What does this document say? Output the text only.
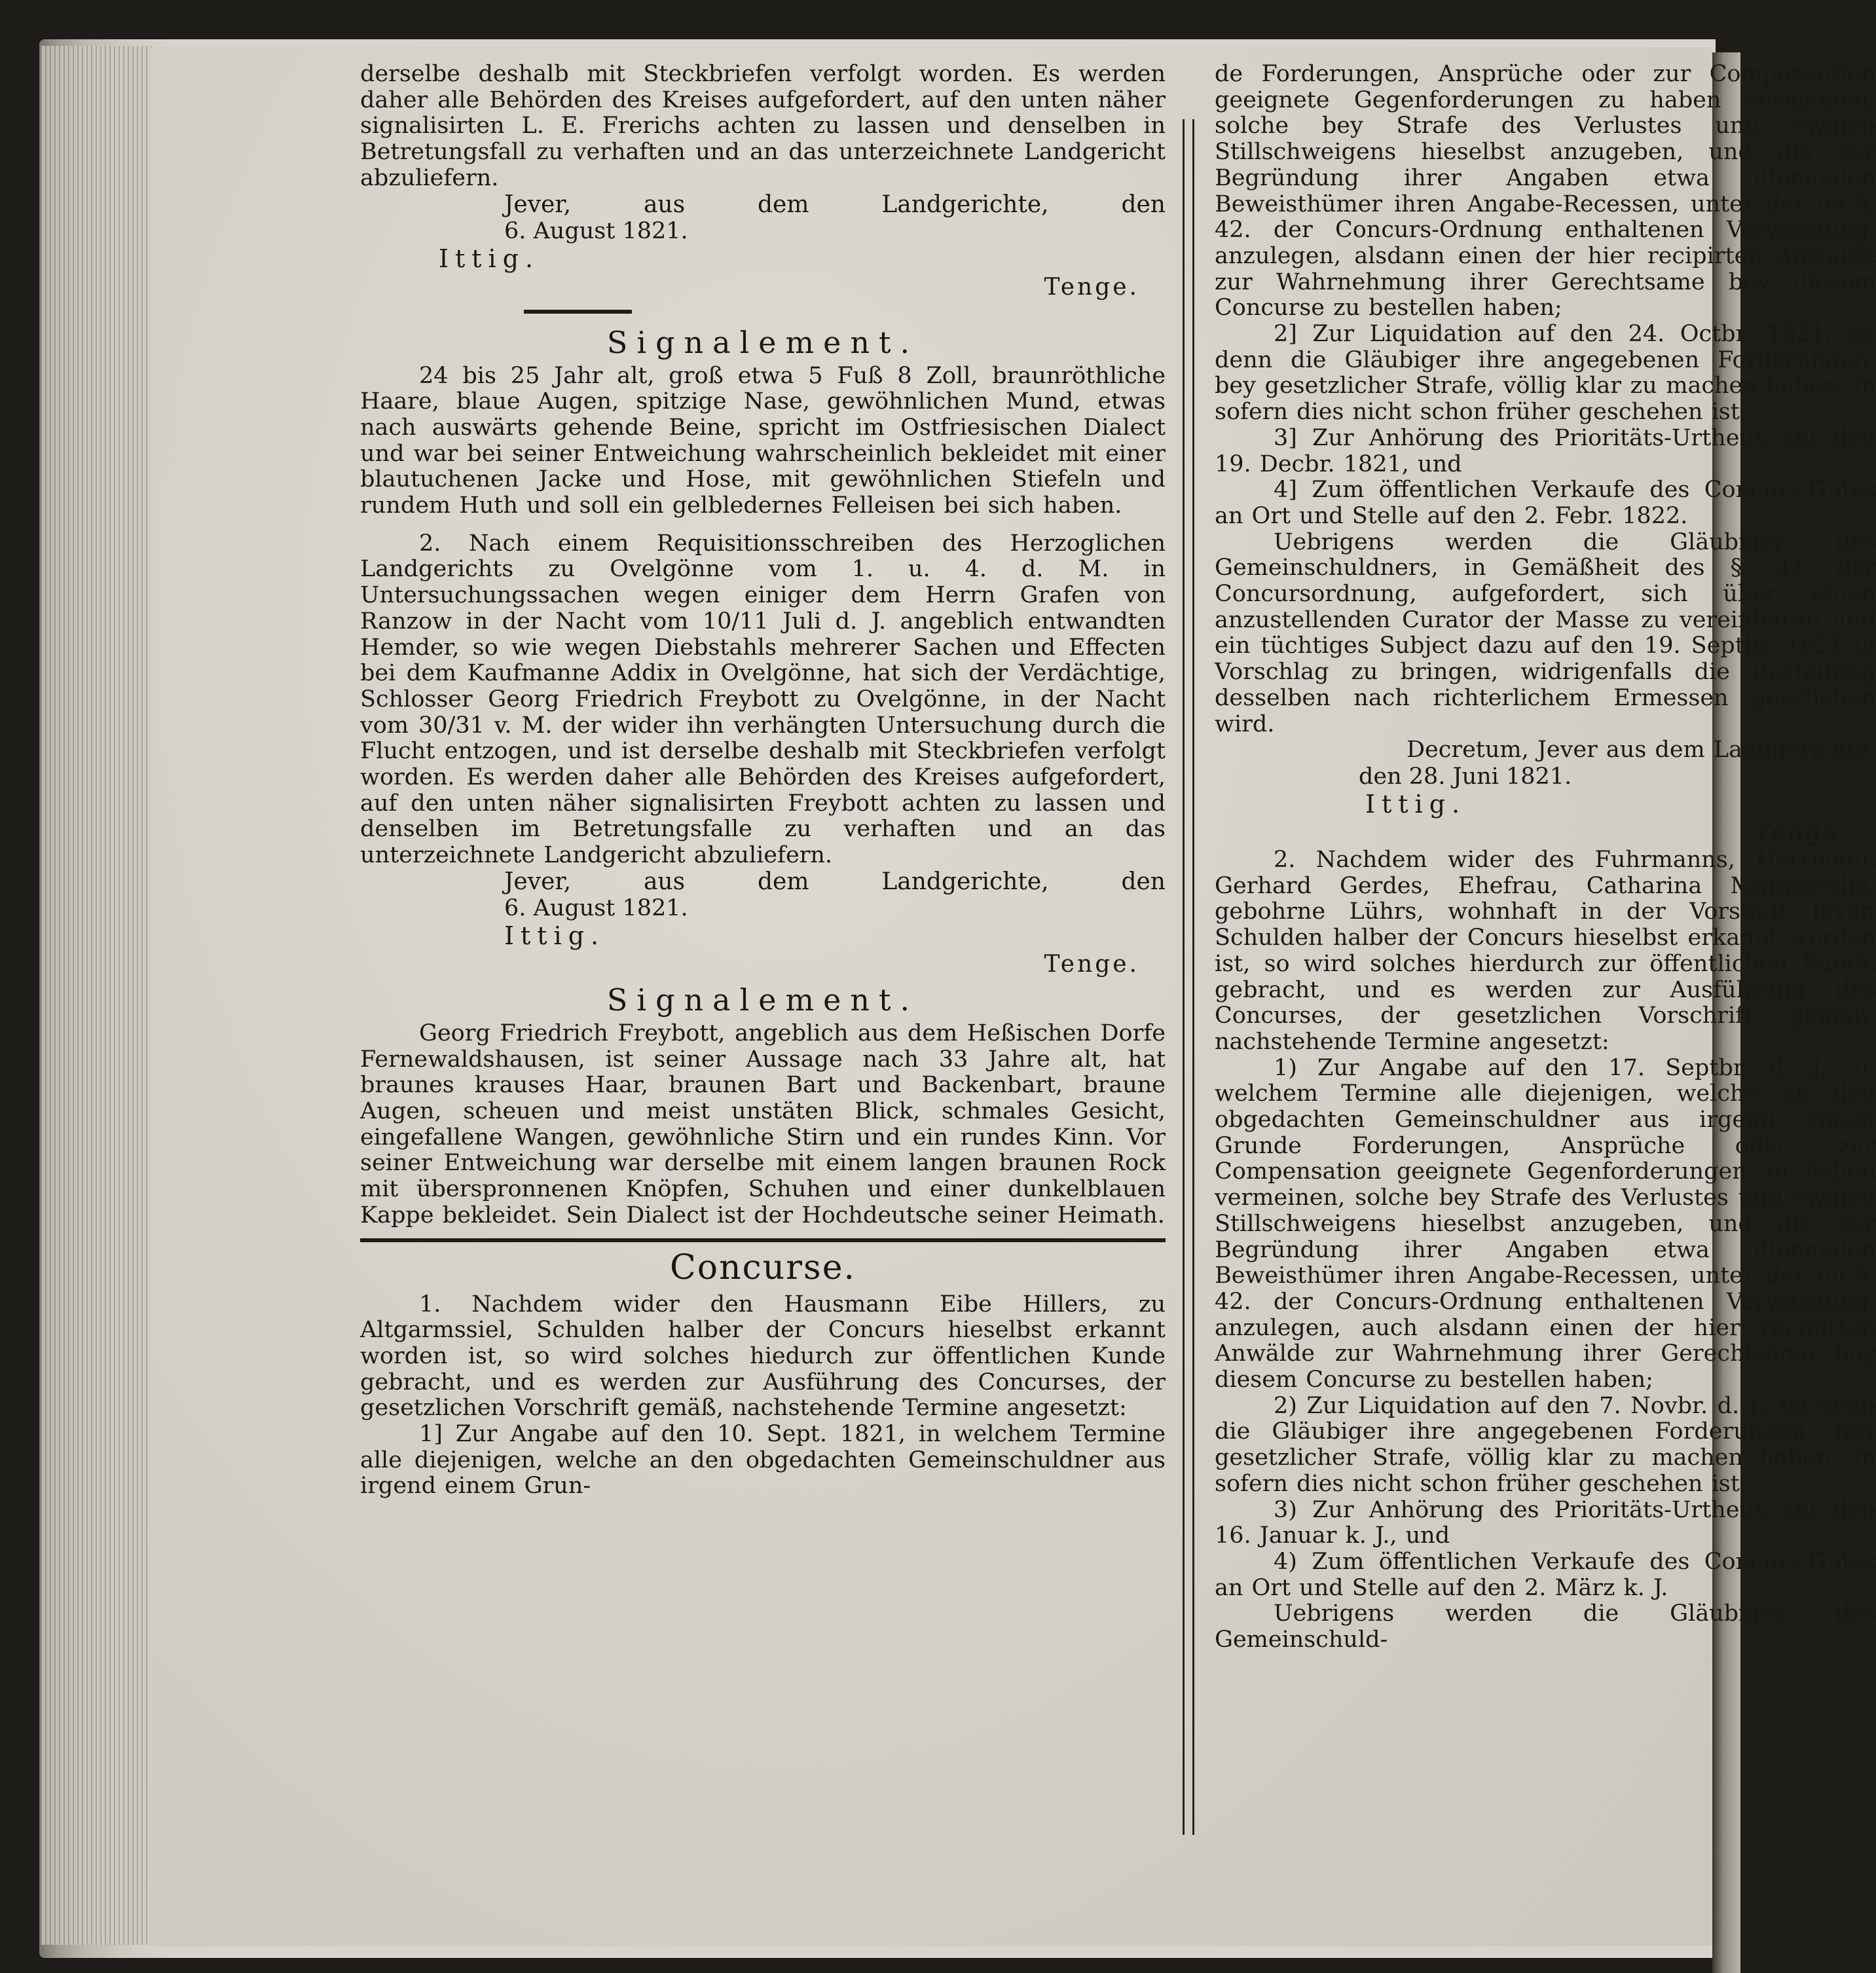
derselbe deshalb mit Steckbriefen verfolgt worden. Es werden daher alle Behörden des Kreises aufgefordert, auf den unten näher signalisirten L. E. Frerichs achten zu lassen und denselben in Betretungsfall zu verhaften und an das unterzeichnete Landgericht abzuliefern.

Jever, aus dem Landgerichte, den

6. August 1821.

Ittig.

Tenge.

Signalement.

24 bis 25 Jahr alt, groß etwa 5 Fuß 8 Zoll, braunröthliche Haare, blaue Augen, spitzige Nase, gewöhnlichen Mund, etwas nach auswärts gehende Beine, spricht im Ostfriesischen Dialect und war bei seiner Entweichung wahrscheinlich bekleidet mit einer blautuchenen Jacke und Hose, mit gewöhnlichen Stiefeln und rundem Huth und soll ein gelbledernes Felleisen bei sich haben.

2. Nach einem Requisitionsschreiben des Herzoglichen Landgerichts zu Ovelgönne vom 1. u. 4. d. M. in Untersuchungssachen wegen einiger dem Herrn Grafen von Ranzow in der Nacht vom 10/11 Juli d. J. angeblich entwandten Hemder, so wie wegen Diebstahls mehrerer Sachen und Effecten bei dem Kaufmanne Addix in Ovelgönne, hat sich der Verdächtige, Schlosser Georg Friedrich Freybott zu Ovelgönne, in der Nacht vom 30/31 v. M. der wider ihn verhängten Untersuchung durch die Flucht entzogen, und ist derselbe deshalb mit Steckbriefen verfolgt worden. Es werden daher alle Behörden des Kreises aufgefordert, auf den unten näher signalisirten Freybott achten zu lassen und denselben im Betretungsfalle zu verhaften und an das unterzeichnete Landgericht abzuliefern.

Jever, aus dem Landgerichte, den

6. August 1821.

Ittig.

Tenge.

Signalement.

Georg Friedrich Freybott, angeblich aus dem Heßischen Dorfe Fernewaldshausen, ist seiner Aussage nach 33 Jahre alt, hat braunes krauses Haar, braunen Bart und Backenbart, braune Augen, scheuen und meist unstäten Blick, schmales Gesicht, eingefallene Wangen, gewöhnliche Stirn und ein rundes Kinn. Vor seiner Entweichung war derselbe mit einem langen braunen Rock mit überspronnenen Knöpfen, Schuhen und einer dunkelblauen Kappe bekleidet. Sein Dialect ist der Hochdeutsche seiner Heimath.

Concurse.

1. Nachdem wider den Hausmann Eibe Hillers, zu Altgarmssiel, Schulden halber der Concurs hieselbst erkannt worden ist, so wird solches hiedurch zur öffentlichen Kunde gebracht, und es werden zur Ausführung des Concurses, der gesetzlichen Vorschrift gemäß, nachstehende Termine angesetzt:

1] Zur Angabe auf den 10. Sept. 1821, in welchem Termine alle diejenigen, welche an den obgedachten Gemeinschuldner aus irgend einem Grun-

de Forderungen, Ansprüche oder zur Compensation geeignete Gegenforderungen zu haben vermeinen, solche bey Strafe des Verlustes und ewigen Stillschweigens hieselbst anzugeben, und die zur Begründung ihrer Angaben etwa dienenden Beweisthümer ihren Angabe-Recessen, unter der im §. 42. der Concurs-Ordnung enthaltenen Verwarnung, anzulegen, alsdann einen der hier recipirten Anwälde zur Wahrnehmung ihrer Gerechtsame bey diesem Concurse zu bestellen haben;

2] Zur Liquidation auf den 24. Octbr. 1821, da denn die Gläubiger ihre angegebenen Forderungen, bey gesetzlicher Strafe, völlig klar zu machen haben, in sofern dies nicht schon früher geschehen ist;

3] Zur Anhörung des Prioritäts-Urtheils auf den 19. Decbr. 1821, und

4] Zum öffentlichen Verkaufe des Concurs-Gutes an Ort und Stelle auf den 2. Febr. 1822.

Uebrigens werden die Gläubiger des Gemeinschuldners, in Gemäßheit des §. 32. der Concursordnung, aufgefordert, sich über einen anzustellenden Curator der Masse zu vereinbaren und ein tüchtiges Subject dazu auf den 19. Septbr. 1821 in Vorschlag zu bringen, widrigenfalls die Bestellung desselben nach richterlichem Ermessen geschehen wird.

Decretum, Jever aus dem Landgerichte,

den 28. Juni 1821.

Ittig.

Tenge.

2. Nachdem wider des Fuhrmanns, Herrmann Gerhard Gerdes, Ehefrau, Catharina Margaretha, gebohrne Lührs, wohnhaft in der Vorstadt Jever, Schulden halber der Concurs hieselbst erkannt worden ist, so wird solches hierdurch zur öffentlichen Kunde gebracht, und es werden zur Ausführung des Concurses, der gesetzlichen Vorschrift gemäß, nachstehende Termine angesetzt:

1) Zur Angabe auf den 17. Septbr. d. J., in welchem Termine alle diejenigen, welche an den obgedachten Gemeinschuldner aus irgend einem Grunde Forderungen, Ansprüche oder zur Compensation geeignete Gegenforderungen zu haben vermeinen, solche bey Strafe des Verlustes und ewigen Stillschweigens hieselbst anzugeben, und die zur Begründung ihrer Angaben etwa dienenden Beweisthümer ihren Angabe-Recessen, unter der im §. 42. der Concurs-Ordnung enthaltenen Verwarnung, anzulegen, auch alsdann einen der hier recipirten Anwälde zur Wahrnehmung ihrer Gerechtsame bey diesem Concurse zu bestellen haben;

2) Zur Liquidation auf den 7. Novbr. d. J., da denn die Gläubiger ihre angegebenen Forderungen, bey gesetzlicher Strafe, völlig klar zu machen haben, in sofern dies nicht schon früher geschehen ist;

3) Zur Anhörung des Prioritäts-Urtheils auf den 16. Januar k. J., und

4) Zum öffentlichen Verkaufe des Concurs-Gutes an Ort und Stelle auf den 2. März k. J.

Uebrigens werden die Gläubiger des Gemeinschuld-
